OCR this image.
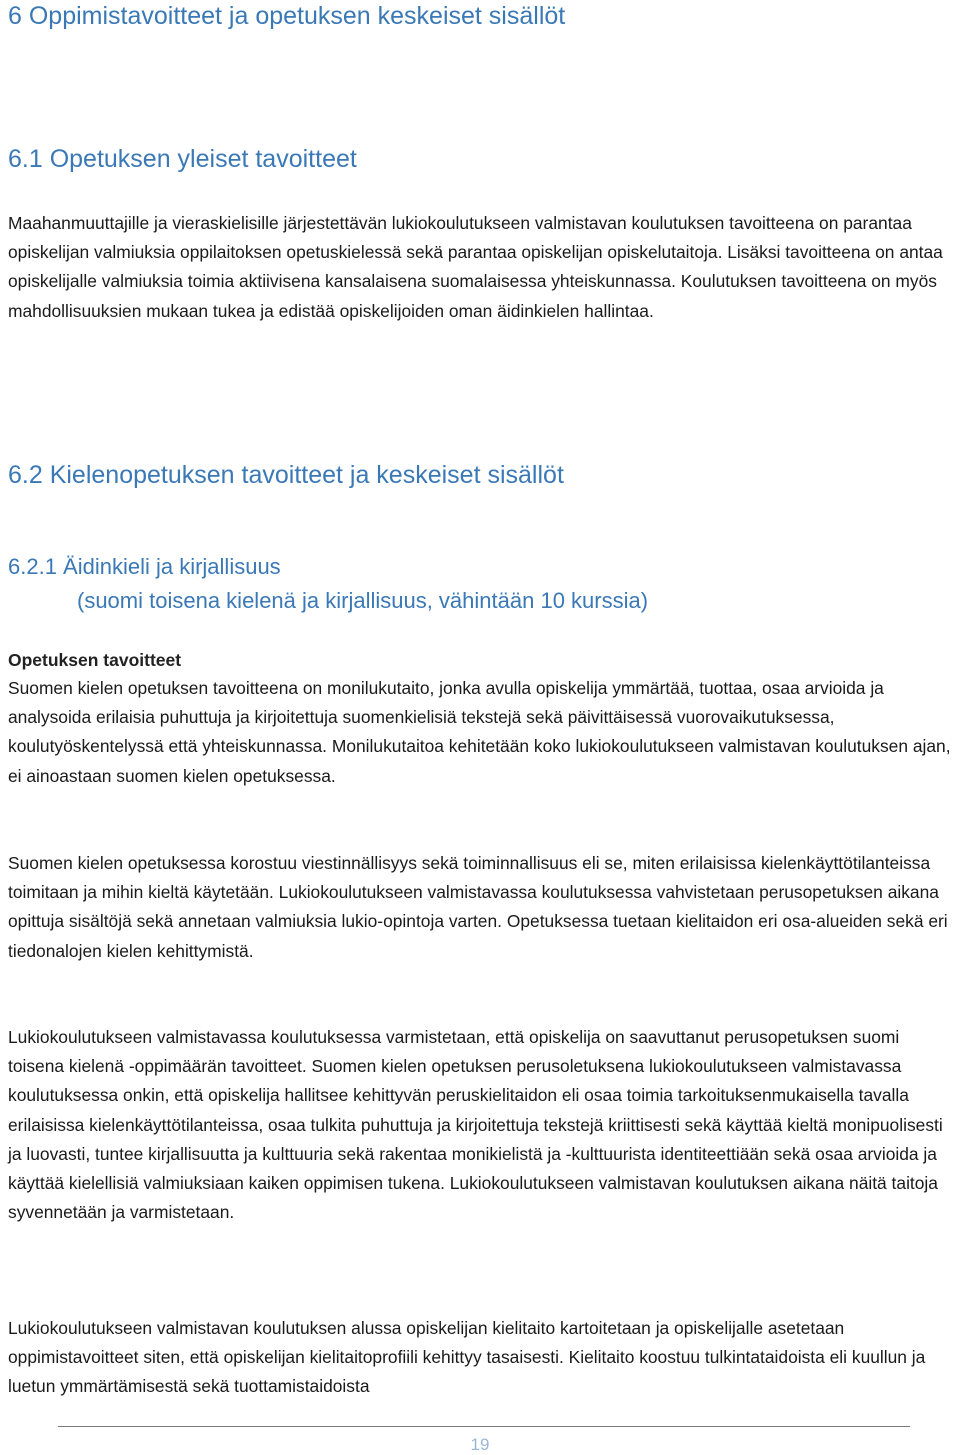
6 Oppimistavoitteet ja opetuksen keskeiset sisällöt
6.1 Opetuksen yleiset tavoitteet

Maahanmuuttajille ja vieraskielisille järjestettävän lukiokoulutukseen valmistavan koulutuksen tavoitteena on parantaa opiskelijan valmiuksia oppilaitoksen opetuskielessä sekä parantaa opiskelijan opiskelutaitoja. Lisäksi tavoitteena on antaa opiskelijalle valmiuksia toimia aktiivisena kansalaisena suomalaisessa yhteiskunnassa. Koulutuksen tavoitteena on myös mahdollisuuksien mukaan tukea ja edistää opiskelijoiden oman äidinkielen hallintaa.

6.2 Kielenopetuksen tavoitteet ja keskeiset sisällöt
6.2.1 Äidinkieli ja kirjallisuus
(suomi toisena kielenä ja kirjallisuus, vähintään 10 kurssia)
Opetuksen tavoitteet

Suomen kielen opetuksen tavoitteena on monilukutaito, jonka avulla opiskelija ymmärtää, tuottaa, osaa arvioida ja analysoida erilaisia puhuttuja ja kirjoitettuja suomenkielisiä tekstejä sekä päivittäisessä vuorovaikutuksessa, koulutyöskentelyssä että yhteiskunnassa. Monilukutaitoa kehitetään koko lukiokoulutukseen valmistavan koulutuksen ajan, ei ainoastaan suomen kielen opetuksessa.

Suomen kielen opetuksessa korostuu viestinnällisyys sekä toiminnallisuus eli se, miten erilaisissa kielenkäyttötilanteissa toimitaan ja mihin kieltä käytetään. Lukiokoulutukseen valmistavassa koulutuksessa vahvistetaan perusopetuksen aikana opittuja sisältöjä sekä annetaan valmiuksia lukio-opintoja varten. Opetuksessa tuetaan kielitaidon eri osa-alueiden sekä eri tiedonalojen kielen kehittymistä.

Lukiokoulutukseen valmistavassa koulutuksessa varmistetaan, että opiskelija on saavuttanut perusopetuksen suomi toisena kielenä -oppimäärän tavoitteet. Suomen kielen opetuksen perusoletuksena lukiokoulutukseen valmistavassa koulutuksessa onkin, että opiskelija hallitsee kehittyvän peruskielitaidon eli osaa toimia tarkoituksenmukaisella tavalla erilaisissa kielenkäyttötilanteissa, osaa tulkita puhuttuja ja kirjoitettuja tekstejä kriittisesti sekä käyttää kieltä monipuolisesti ja luovasti, tuntee kirjallisuutta ja kulttuuria sekä rakentaa monikielistä ja -kulttuurista identiteettiään sekä osaa arvioida ja käyttää kielellisiä valmiuksiaan kaiken oppimisen tukena. Lukiokoulutukseen valmistavan koulutuksen aikana näitä taitoja syvennetään ja varmistetaan.

Lukiokoulutukseen valmistavan koulutuksen alussa opiskelijan kielitaito kartoitetaan ja opiskelijalle asetetaan oppimistavoitteet siten, että opiskelijan kielitaitoprofiili kehittyy tasaisesti. Kielitaito koostuu tulkintataidoista eli kuullun ja luetun ymmärtämisestä sekä tuottamistaidoista

19
